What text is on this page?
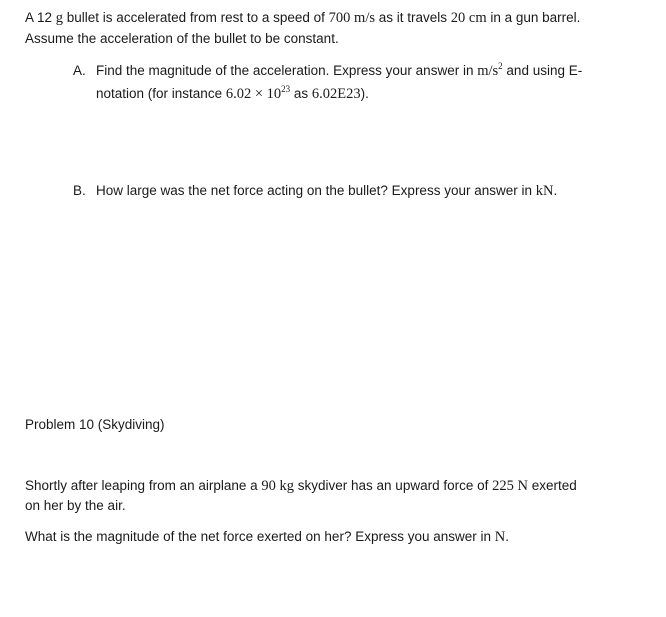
A 12 g bullet is accelerated from rest to a speed of 700 m/s as it travels 20 cm in a gun barrel.
Assume the acceleration of the bullet to be constant.
A. Find the magnitude of the acceleration. Express your answer in $m/s^2$ and using E-
notation (for instance $6.02 \times 10^{23}$ as 6.02E23).
B. How large was the net force acting on the bullet? Express your answer in kN.
Problem 10 (Skydiving)
Shortly after leaping from an airplane a 90 kg skydiver has an upward force of 225 N exerted
on her by the air.
What is the magnitude of the net force exerted on her? Express you answer in N.
